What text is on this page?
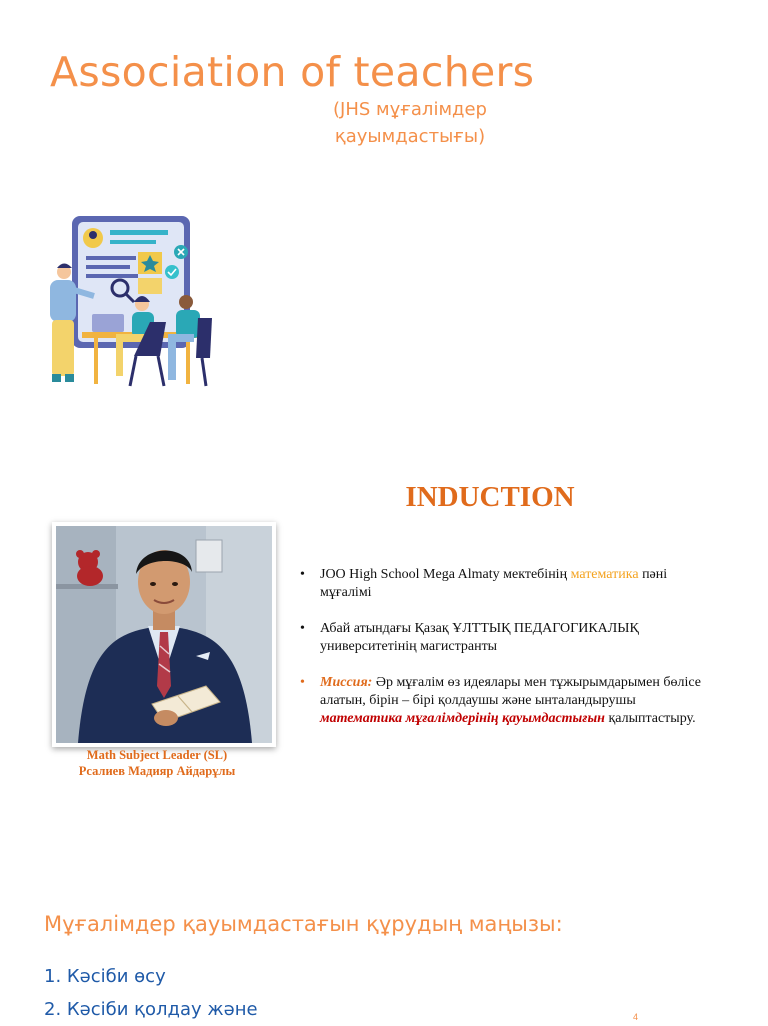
Association of teachers
(JHS мұғалімдер қауымдастығы)
INDUCTION
Math Subject Leader (SL)
Рсалиев Мадияр Айдарұлы
• JOO High School Mega Almaty мектебінің математика пәні мұғалімі
• Абай атындағы Қазақ ҰЛТТЫҚ ПЕДАГОГИКАЛЫҚ университетінің магистранты
• Миссия: Әр мұғалім өз идеялары мен тұжырымдарымен бөлісе алатын, бірін – бірі қолдаушы және ынталандырушы математика мұғалімдерінің қауымдастығын қалыптастыру.
Мұғалімдер қауымдастағын құрудың маңызы:
1. Кәсіби өсу
2. Кәсіби қолдау және	4
